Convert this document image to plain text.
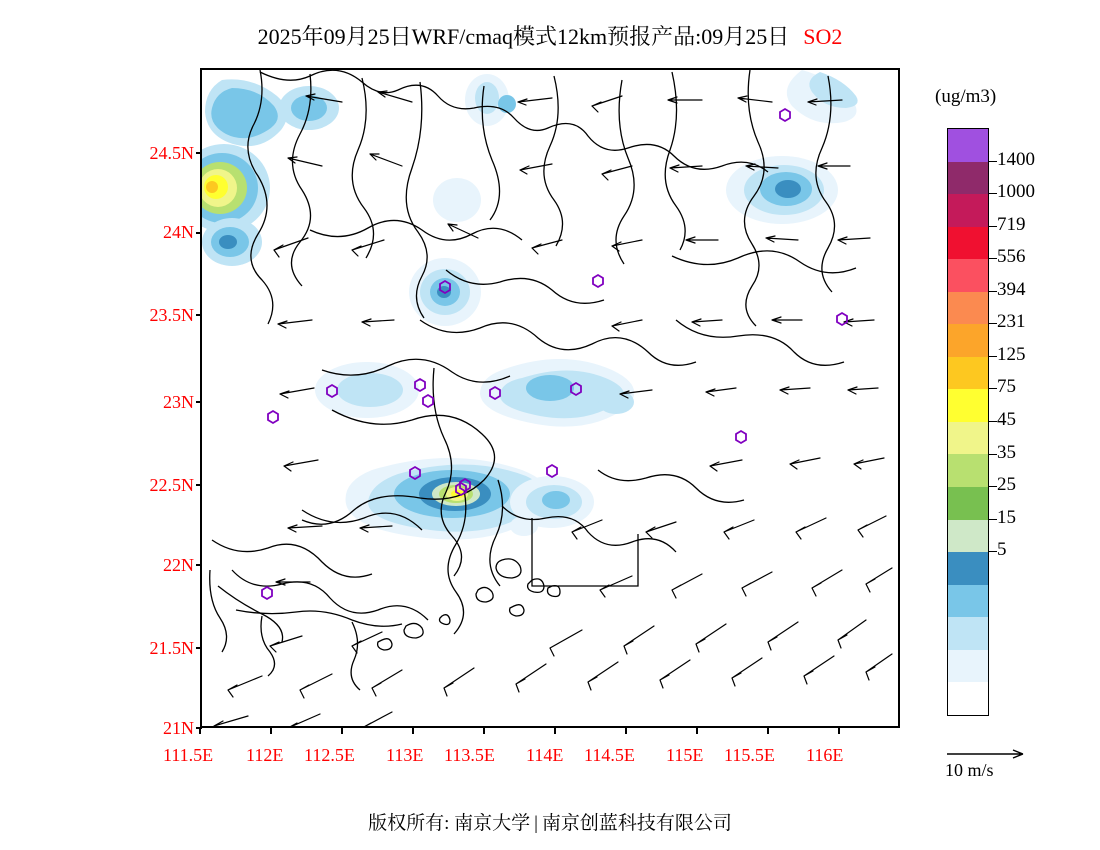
2025年09月25日WRF/cmaq模式12km预报产品:09月25日 SO2
24.5N
24N
23.5N
23N
22.5N
22N
21.5N
21N
111.5E 112E 112.5E 113E 113.5E 114E 114.5E 115E 115.5E 116E
(ug/m3)
10 m/s
版权所有: 南京大学 | 南京创蓝科技有限公司
1400
1000
719
556
394
231
125
75
45
35
25
15
5
